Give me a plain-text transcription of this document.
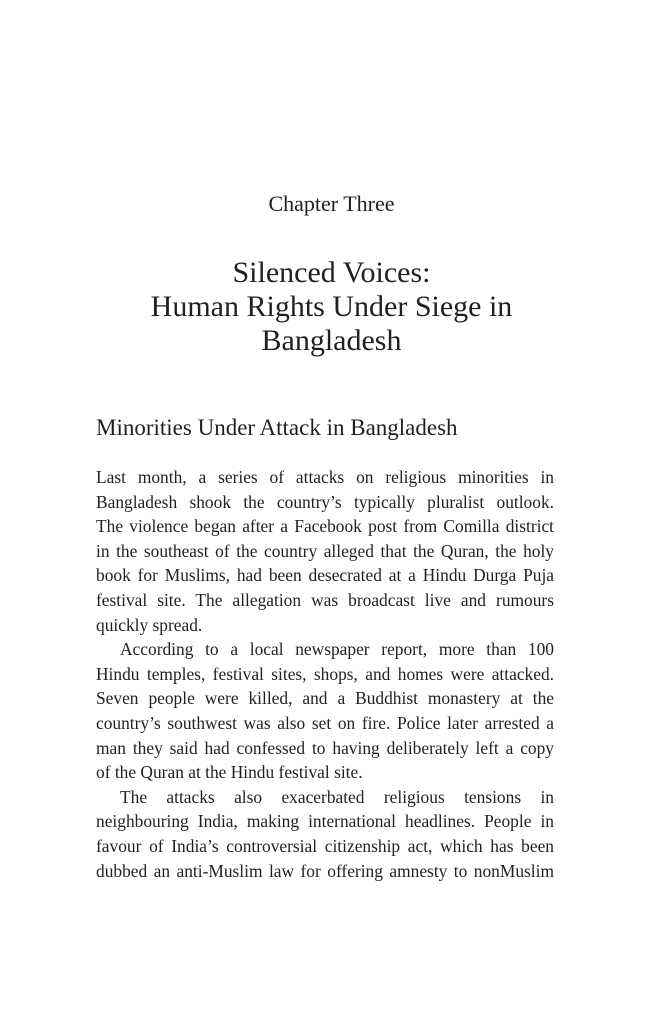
Chapter Three
Silenced Voices:
Human Rights Under Siege in
Bangladesh
Minorities Under Attack in Bangladesh
Last month, a series of attacks on religious minorities in
Bangladesh shook the country’s typically pluralist outlook.
The violence began after a Facebook post from Comilla district
in the southeast of the country alleged that the Quran, the holy
book for Muslims, had been desecrated at a Hindu Durga Puja
festival site. The allegation was broadcast live and rumours
quickly spread.
According to a local newspaper report, more than 100
Hindu temples, festival sites, shops, and homes were attacked.
Seven people were killed, and a Buddhist monastery at the
country’s southwest was also set on fire. Police later arrested a
man they said had confessed to having deliberately left a copy
of the Quran at the Hindu festival site.
The attacks also exacerbated religious tensions in
neighbouring India, making international headlines. People in
favour of India’s controversial citizenship act, which has been
dubbed an anti-Muslim law for offering amnesty to nonMuslim
